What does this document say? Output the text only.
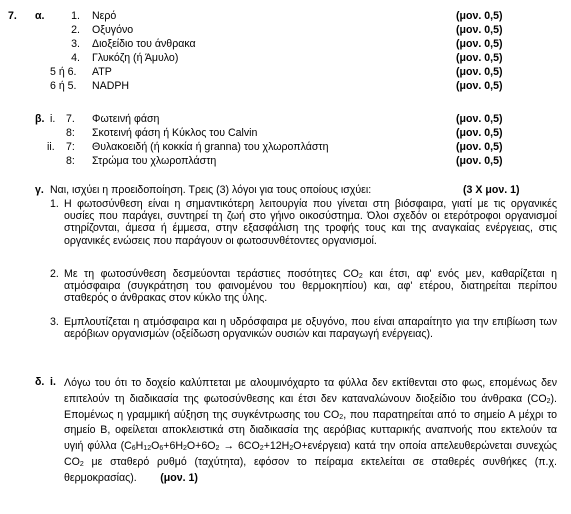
7. α.	1. Νερό	(μον. 0,5)
2. Οξυγόνο	(μον. 0,5)
3. Διοξείδιο του άνθρακα	(μον. 0,5)
4. Γλυκόζη (ή Άμυλο)	(μον. 0,5)
5 ή 6.	ATP	(μον. 0,5)
6 ή 5.	NADPH	(μον. 0,5)
β. i. 7. Φωτεινή φάση	(μον. 0,5)
8: Σκοτεινή φάση ή Κύκλος του Calvin	(μον. 0,5)
ii. 7: Θυλακοειδή (ή κοκκία ή granna) του χλωροπλάστη	(μον. 0,5)
8: Στρώμα του χλωροπλάστη	(μον. 0,5)
γ. Ναι, ισχύει η προειδοποίηση. Τρεις (3) λόγοι για τους οποίους ισχύει:	(3 X μον. 1)
1. Η φωτοσύνθεση είναι η σημαντικότερη λειτουργία που γίνεται στη βιόσφαιρα, γιατί με τις οργανικές ουσίες που παράγει, συντηρεί τη ζωή στο γήινο οικοσύστημα. Όλοι σχεδόν οι ετερότροφοι οργανισμοί στηρίζονται, άμεσα ή έμμεσα, στην εξασφάλιση της τροφής τους και της αναγκαίας ενέργειας, στις οργανικές ενώσεις που παράγουν οι φωτοσυνθέτοντες οργανισμοί.
2. Με τη φωτοσύνθεση δεσμεύονται τεράστιες ποσότητες $CO_2$ και έτσι, αφ' ενός μεν, καθαρίζεται η ατμόσφαιρα (συγκράτηση του φαινομένου του θερμοκηπίου) και, αφ' ετέρου, διατηρείται περίπου σταθερός ο άνθρακας στον κύκλο της ύλης.
3. Εμπλουτίζεται η ατμόσφαιρα και η υδρόσφαιρα με οξυγόνο, που είναι απαραίτητο για την επιβίωση των αερόβιων οργανισμών (οξείδωση οργανικών ουσιών και παραγωγή ενέργειας).
δ. i. Λόγω του ότι το δοχείο καλύπτεται με αλουμινόχαρτο τα φύλλα δεν εκτίθενται στο φως, επομένως δεν επιτελούν τη διαδικασία της φωτοσύνθεσης και έτσι δεν καταναλώνουν διοξείδιο του άνθρακα $(CO_2)$. Επομένως η γραμμική αύξηση της συγκέντρωσης του $CO_2$, που παρατηρείται από το σημείο Α μέχρι το σημείο Β, οφείλεται αποκλειστικά στη διαδικασία της αερόβιας κυτταρικής αναπνοής που εκτελούν τα υγιή φύλλα $(C_6H_{12}O_6+6H_2O+6O_2 \to 6CO_2+12H_2O+\varepsilon\nu έ\rho\gamma\varepsilon\iota\alpha)$ κατά την οποία απελευθερώνεται συνεχώς $CO_2$ με σταθερό ρυθμό (ταχύτητα), εφόσον το πείραμα εκτελείται σε σταθερές συνθήκες (π.χ. θερμοκρασίας). (μον. 1)
